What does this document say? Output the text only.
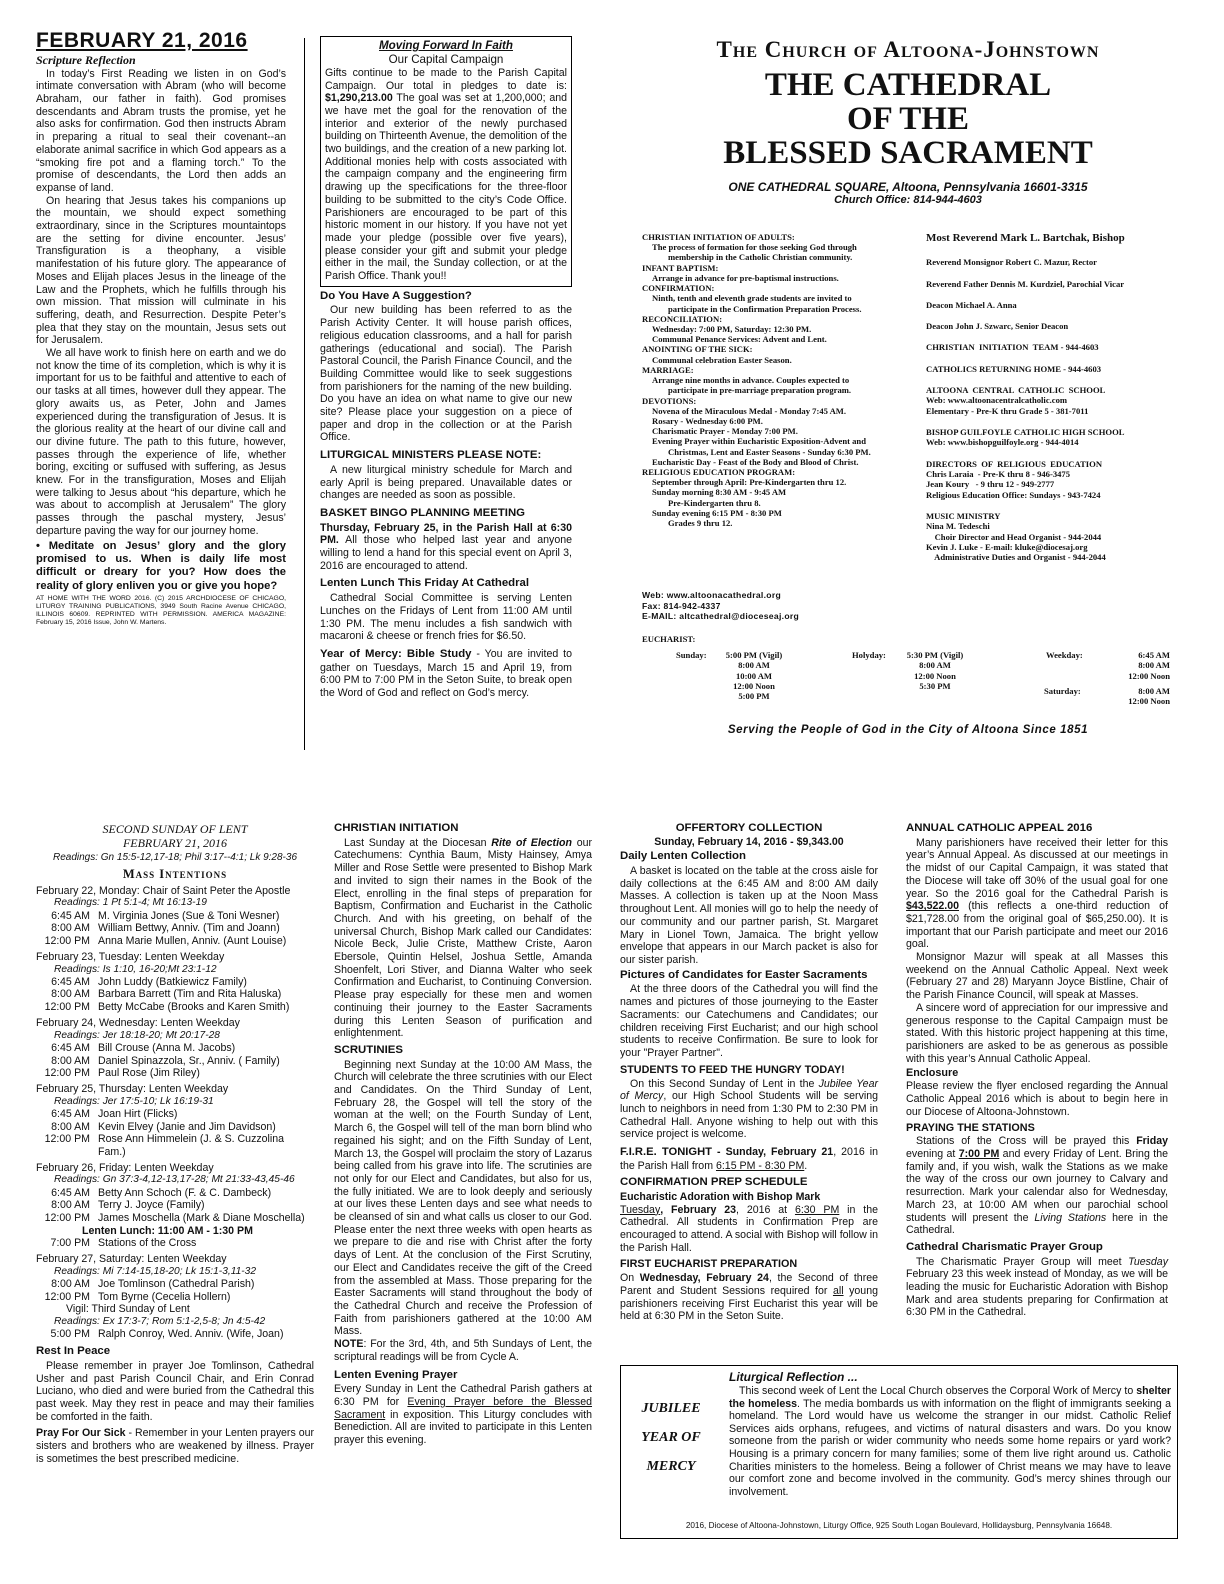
FEBRUARY 21, 2016

Scripture Reflection

In today’s First Reading we listen in on God’s intimate conversation with Abram (who will become Abraham, our father in faith). God promises descendants and Abram trusts the promise, yet he also asks for confirmation. God then instructs Abram in preparing a ritual to seal their covenant--an elaborate animal sacrifice in which God appears as a “smoking fire pot and a flaming torch.” To the promise of descendants, the Lord then adds an expanse of land.

On hearing that Jesus takes his companions up the mountain, we should expect something extraordinary, since in the Scriptures mountaintops are the setting for divine encounter. Jesus’ Transfiguration is a theophany, a visible manifestation of his future glory. The appearance of Moses and Elijah places Jesus in the lineage of the Law and the Prophets, which he fulfills through his own mission. That mission will culminate in his suffering, death, and Resurrection. Despite Peter’s plea that they stay on the mountain, Jesus sets out for Jerusalem.

We all have work to finish here on earth and we do not know the time of its completion, which is why it is important for us to be faithful and attentive to each of our tasks at all times, however dull they appear. The glory awaits us, as Peter, John and James experienced during the transfiguration of Jesus. It is the glorious reality at the heart of our divine call and our divine future. The path to this future, however, passes through the experience of life, whether boring, exciting or suffused with suffering, as Jesus knew. For in the transfiguration, Moses and Elijah were talking to Jesus about “his departure, which he was about to accomplish at Jerusalem” The glory passes through the paschal mystery, Jesus’ departure paving the way for our journey home.

• Meditate on Jesus’ glory and the glory promised to us. When is daily life most difficult or dreary for you? How does the reality of glory enliven you or give you hope?

AT HOME WITH THE WORD 2016. (C) 2015 ARCHDIOCESE OF CHICAGO, LITURGY TRAINING PUBLICATIONS, 3949 South Racine Avenue CHICAGO, ILLINOIS 60609. REPRINTED WITH PERMISSION. AMERICA MAGAZINE: February 15, 2016 Issue, John W. Martens.

Moving Forward In Faith

Our Capital Campaign

Gifts continue to be made to the Parish Capital Campaign. Our total in pledges to date is: $1,290,213.00 The goal was set at 1,200,000; and we have met the goal for the renovation of the interior and exterior of the newly purchased building on Thirteenth Avenue, the demolition of the two buildings, and the creation of a new parking lot. Additional monies help with costs associated with the campaign company and the engineering firm drawing up the specifications for the three-floor building to be submitted to the city’s Code Office. Parishioners are encouraged to be part of this historic moment in our history. If you have not yet made your pledge (possible over five years), please consider your gift and submit your pledge either in the mail, the Sunday collection, or at the Parish Office. Thank you!!

Do You Have A Suggestion?

Our new building has been referred to as the Parish Activity Center. It will house parish offices, religious education classrooms, and a hall for parish gatherings (educational and social). The Parish Pastoral Council, the Parish Finance Council, and the Building Committee would like to seek suggestions from parishioners for the naming of the new building. Do you have an idea on what name to give our new site? Please place your suggestion on a piece of paper and drop in the collection or at the Parish Office.

LITURGICAL MINISTERS PLEASE NOTE:

A new liturgical ministry schedule for March and early April is being prepared. Unavailable dates or changes are needed as soon as possible.

BASKET BINGO PLANNING MEETING

Thursday, February 25, in the Parish Hall at 6:30 PM. All those who helped last year and anyone willing to lend a hand for this special event on April 3, 2016 are encouraged to attend.

Lenten Lunch This Friday At Cathedral

Cathedral Social Committee is serving Lenten Lunches on the Fridays of Lent from 11:00 AM until 1:30 PM. The menu includes a fish sandwich with macaroni & cheese or french fries for $6.50.

Year of Mercy: Bible Study - You are invited to gather on Tuesdays, March 15 and April 19, from 6:00 PM to 7:00 PM in the Seton Suite, to break open the Word of God and reflect on God’s mercy.

The Church of Altoona-Johnstown

THE CATHEDRAL
OF THE
BLESSED SACRAMENT

ONE CATHEDRAL SQUARE, Altoona, Pennsylvania 16601-3315

Church Office: 814-944-4603

CHRISTIAN INITIATION OF ADULTS:
The process of formation for those seeking God through
membership in the Catholic Christian community.
INFANT BAPTISM:
Arrange in advance for pre-baptismal instructions.
CONFIRMATION:
Ninth, tenth and eleventh grade students are invited to
participate in the Confirmation Preparation Process.
RECONCILIATION:
Wednesday: 7:00 PM, Saturday: 12:30 PM.
Communal Penance Services: Advent and Lent.
ANOINTING OF THE SICK:
Communal celebration Easter Season.
MARRIAGE:
Arrange nine months in advance. Couples expected to
participate in pre-marriage preparation program.
DEVOTIONS:
Novena of the Miraculous Medal - Monday 7:45 AM.
Rosary - Wednesday 6:00 PM.
Charismatic Prayer - Monday 7:00 PM.
Evening Prayer within Eucharistic Exposition-Advent and
Christmas, Lent and Easter Seasons - Sunday 6:30 PM.
Eucharistic Day - Feast of the Body and Blood of Christ.
RELIGIOUS EDUCATION PROGRAM:
September through April: Pre-Kindergarten thru 12.
Sunday morning 8:30 AM - 9:45 AM
Pre-Kindergarten thru 8.
Sunday evening 6:15 PM - 8:30 PM
Grades 9 thru 12.
Most Reverend Mark L. Bartchak, Bishop
Reverend Monsignor Robert C. Mazur, Rector
Reverend Father Dennis M. Kurdziel, Parochial Vicar
Deacon Michael A. Anna
Deacon John J. Szwarc, Senior Deacon
CHRISTIAN  INITIATION  TEAM - 944-4603
CATHOLICS RETURNING HOME - 944-4603
ALTOONA  CENTRAL  CATHOLIC  SCHOOL
Web: www.altoonacentralcatholic.com
Elementary - Pre-K thru Grade 5 - 381-7011
BISHOP GUILFOYLE CATHOLIC HIGH SCHOOL
Web: www.bishopguilfoyle.org - 944-4014
DIRECTORS  OF  RELIGIOUS  EDUCATION
Chris Laraia  - Pre-K thru 8 - 946-3475
Jean Koury   - 9 thru 12 - 949-2777
Religious Education Office: Sundays - 943-7424
MUSIC MINISTRY
Nina M. Tedeschi
Choir Director and Head Organist - 944-2044
Kevin J. Luke - E-mail: kluke@diocesaj.org
Administrative Duties and Organist - 944-2044
Web: www.altoonacathedral.org
Fax: 814-942-4337
E-MAIL: altcathedral@dioceseaj.org
EUCHARIST:
Sunday:	5:00 PM (Vigil)
8:00 AM
10:00 AM
12:00 Noon
5:00 PM
Holyday:	5:30 PM (Vigil)
8:00 AM
12:00 Noon
5:30 PM
Weekday:	6:45 AM
8:00 AM
12:00 Noon
Saturday:	8:00 AM
12:00 Noon
Serving the People of God in the City of Altoona Since 1851

SECOND SUNDAY OF LENT

FEBRUARY 21, 2016

Readings: Gn 15:5-12,17-18; Phil 3:17--4:1; Lk 9:28-36

Mass Intentions

February 22, Monday: Chair of Saint Peter the Apostle
Readings: 1 Pt 5:1-4; Mt 16:13-19
6:45 AM M. Virginia Jones (Sue & Toni Wesner)
8:00 AM William Bettwy, Anniv. (Tim and Joann)
12:00 PM Anna Marie Mullen, Anniv. (Aunt Louise)
February 23, Tuesday: Lenten Weekday
Readings: Is 1:10, 16-20;Mt 23:1-12
6:45 AM John Luddy (Batkiewicz Family)
8:00 AM Barbara Barrett (Tim and Rita Haluska)
12:00 PM Betty McCabe (Brooks and Karen Smith)
February 24, Wednesday: Lenten Weekday
Readings: Jer 18:18-20; Mt 20:17-28
6:45 AM Bill Crouse (Anna M. Jacobs)
8:00 AM Daniel Spinazzola, Sr., Anniv. ( Family)
12:00 PM Paul Rose (Jim Riley)
February 25, Thursday: Lenten Weekday
Readings: Jer 17:5-10; Lk 16:19-31
6:45 AM Joan Hirt (Flicks)
8:00 AM Kevin Elvey (Janie and Jim Davidson)
12:00 PM Rose Ann Himmelein (J. & S. Cuzzolina Fam.)
February 26, Friday: Lenten Weekday
Readings: Gn 37:3-4,12-13,17-28; Mt 21:33-43,45-46
6:45 AM Betty Ann Schoch (F. & C. Dambeck)
8:00 AM Terry J. Joyce (Family)
12:00 PM James Moschella (Mark & Diane Moschella)
Lenten Lunch: 11:00 AM - 1:30 PM
7:00 PM Stations of the Cross
February 27, Saturday: Lenten Weekday
Readings: Mi 7:14-15,18-20; Lk 15:1-3,11-32
8:00 AM Joe Tomlinson (Cathedral Parish)
12:00 PM Tom Byrne (Cecelia Hollern)
Vigil: Third Sunday of Lent
Readings: Ex 17:3-7; Rom 5:1-2,5-8; Jn 4:5-42
5:00 PM Ralph Conroy, Wed. Anniv. (Wife, Joan)
Rest In Peace

Please remember in prayer Joe Tomlinson, Cathedral Usher and past Parish Council Chair, and Erin Conrad Luciano, who died and were buried from the Cathedral this past week. May they rest in peace and may their families be comforted in the faith.

Pray For Our Sick - Remember in your Lenten prayers our sisters and brothers who are weakened by illness. Prayer is sometimes the best prescribed medicine.

CHRISTIAN INITIATION

Last Sunday at the Diocesan Rite of Election our Catechumens: Cynthia Baum, Misty Hainsey, Amya Miller and Rose Settle were presented to Bishop Mark and invited to sign their names in the Book of the Elect, enrolling in the final steps of preparation for Baptism, Confirmation and Eucharist in the Catholic Church. And with his greeting, on behalf of the universal Church, Bishop Mark called our Candidates: Nicole Beck, Julie Criste, Matthew Criste, Aaron Ebersole, Quintin Helsel, Joshua Settle, Amanda Shoenfelt, Lori Stiver, and Dianna Walter who seek Confirmation and Eucharist, to Continuing Conversion. Please pray especially for these men and women continuing their journey to the Easter Sacraments during this Lenten Season of purification and enlightenment.

SCRUTINIES

Beginning next Sunday at the 10:00 AM Mass, the Church will celebrate the three scrutinies with our Elect and Candidates. On the Third Sunday of Lent, February 28, the Gospel will tell the story of the woman at the well; on the Fourth Sunday of Lent, March 6, the Gospel will tell of the man born blind who regained his sight; and on the Fifth Sunday of Lent, March 13, the Gospel will proclaim the story of Lazarus being called from his grave into life. The scrutinies are not only for our Elect and Candidates, but also for us, the fully initiated. We are to look deeply and seriously at our lives these Lenten days and see what needs to be cleansed of sin and what calls us closer to our God. Please enter the next three weeks with open hearts as we prepare to die and rise with Christ after the forty days of Lent. At the conclusion of the First Scrutiny, our Elect and Candidates receive the gift of the Creed from the assembled at Mass. Those preparing for the Easter Sacraments will stand throughout the body of the Cathedral Church and receive the Profession of Faith from parishioners gathered at the 10:00 AM Mass.

NOTE: For the 3rd, 4th, and 5th Sundays of Lent, the scriptural readings will be from Cycle A.

Lenten Evening Prayer

Every Sunday in Lent the Cathedral Parish gathers at 6:30 PM for Evening Prayer before the Blessed Sacrament in exposition. This Liturgy concludes with Benediction. All are invited to participate in this Lenten prayer this evening.

OFFERTORY COLLECTION

Sunday, February 14, 2016 - $9,343.00

Daily Lenten Collection

A basket is located on the table at the cross aisle for daily collections at the 6:45 AM and 8:00 AM daily Masses. A collection is taken up at the Noon Mass throughout Lent. All monies will go to help the needy of our community and our partner parish, St. Margaret Mary in Lionel Town, Jamaica. The bright yellow envelope that appears in our March packet is also for our sister parish.

Pictures of Candidates for Easter Sacraments

At the three doors of the Cathedral you will find the names and pictures of those journeying to the Easter Sacraments: our Catechumens and Candidates; our children receiving First Eucharist; and our high school students to receive Confirmation. Be sure to look for your "Prayer Partner".

STUDENTS TO FEED THE HUNGRY TODAY!

On this Second Sunday of Lent in the Jubilee Year of Mercy, our High School Students will be serving lunch to neighbors in need from 1:30 PM to 2:30 PM in Cathedral Hall. Anyone wishing to help out with this service project is welcome.

F.I.R.E. TONIGHT - Sunday, February 21, 2016 in the Parish Hall from 6:15 PM - 8:30 PM.

CONFIRMATION PREP SCHEDULE

Eucharistic Adoration with Bishop Mark

Tuesday, February 23, 2016 at 6:30 PM in the Cathedral. All students in Confirmation Prep are encouraged to attend. A social with Bishop will follow in the Parish Hall.

FIRST EUCHARIST PREPARATION

On Wednesday, February 24, the Second of three Parent and Student Sessions required for all young parishioners receiving First Eucharist this year will be held at 6:30 PM in the Seton Suite.

ANNUAL CATHOLIC APPEAL 2016

Many parishioners have received their letter for this year’s Annual Appeal. As discussed at our meetings in the midst of our Capital Campaign, it was stated that the Diocese will take off 30% of the usual goal for one year. So the 2016 goal for the Cathedral Parish is $43,522.00 (this reflects a one-third reduction of $21,728.00 from the original goal of $65,250.00). It is important that our Parish participate and meet our 2016 goal.

Monsignor Mazur will speak at all Masses this weekend on the Annual Catholic Appeal. Next week (February 27 and 28) Maryann Joyce Bistline, Chair of the Parish Finance Council, will speak at Masses.

A sincere word of appreciation for our impressive and generous response to the Capital Campaign must be stated. With this historic project happening at this time, parishioners are asked to be as generous as possible with this year’s Annual Catholic Appeal.

Enclosure

Please review the flyer enclosed regarding the Annual Catholic Appeal 2016 which is about to begin here in our Diocese of Altoona-Johnstown.

PRAYING THE STATIONS

Stations of the Cross will be prayed this Friday evening at 7:00 PM and every Friday of Lent. Bring the family and, if you wish, walk the Stations as we make the way of the cross our own journey to Calvary and resurrection. Mark your calendar also for Wednesday, March 23, at 10:00 AM when our parochial school students will present the Living Stations here in the Cathedral.

Cathedral Charismatic Prayer Group

The Charismatic Prayer Group will meet Tuesday February 23 this week instead of Monday, as we will be leading the music for Eucharistic Adoration with Bishop Mark and area students preparing for Confirmation at 6:30 PM in the Cathedral.

JUBILEE
YEAR OF
MERCY
Liturgical Reflection ...

This second week of Lent the Local Church observes the Corporal Work of Mercy to shelter the homeless. The media bombards us with information on the flight of immigrants seeking a homeland. The Lord would have us welcome the stranger in our midst. Catholic Relief Services aids orphans, refugees, and victims of natural disasters and wars. Do you know someone from the parish or wider community who needs some home repairs or yard work? Housing is a primary concern for many families; some of them live right around us. Catholic Charities ministers to the homeless. Being a follower of Christ means we may have to leave our comfort zone and become involved in the community. God’s mercy shines through our involvement.

2016, Diocese of Altoona-Johnstown, Liturgy Office, 925 South Logan Boulevard, Hollidaysburg, Pennsylvania 16648.
